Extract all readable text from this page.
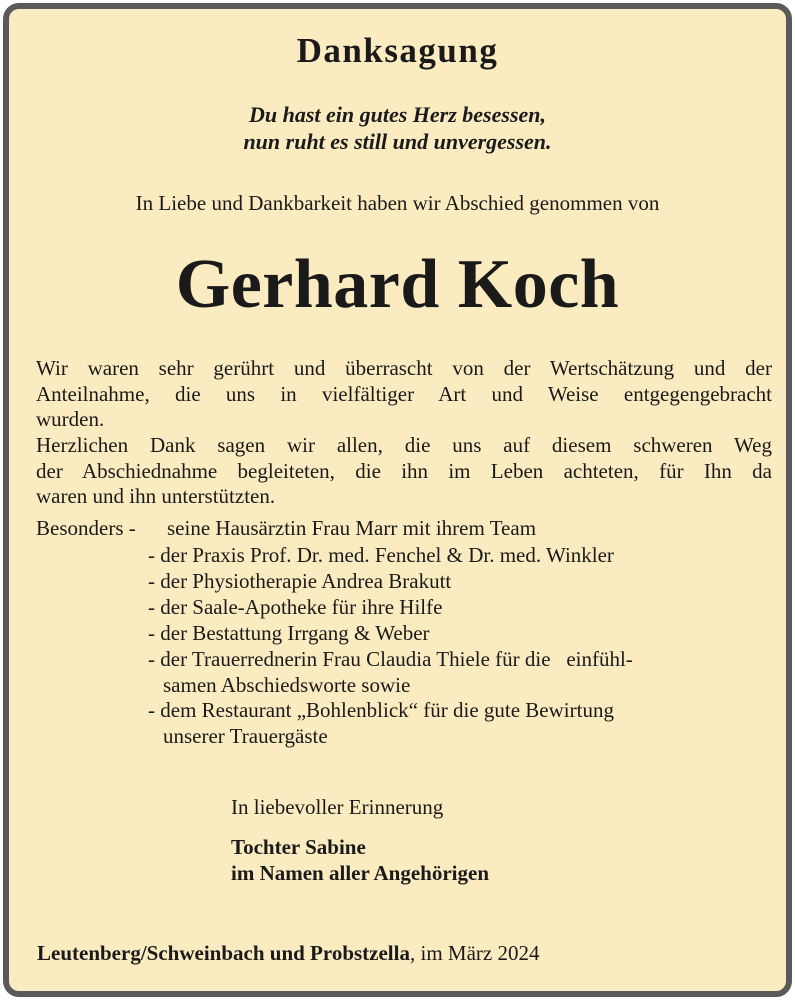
Danksagung
Du hast ein gutes Herz besessen,
nun ruht es still und unvergessen.
In Liebe und Dankbarkeit haben wir Abschied genommen von
Gerhard Koch
Wir waren sehr gerührt und überrascht von der Wertschätzung und der
Anteilnahme, die uns in vielfältiger Art und Weise entgegengebracht
wurden.
Herzlichen Dank sagen wir allen, die uns auf diesem schweren Weg
der Abschiednahme begleiteten, die ihn im Leben achteten, für Ihn da
waren und ihn unterstützten.
Besonders - seine Hausärztin Frau Marr mit ihrem Team
- der Praxis Prof. Dr. med. Fenchel & Dr. med. Winkler
- der Physiotherapie Andrea Brakutt
- der Saale-Apotheke für ihre Hilfe
- der Bestattung Irrgang & Weber
- der Trauerrednerin Frau Claudia Thiele für die   einfühl-
samen Abschiedsworte sowie
- dem Restaurant „Bohlenblick“ für die gute Bewirtung
unserer Trauergäste
In liebevoller Erinnerung
Tochter Sabine
im Namen aller Angehörigen
Leutenberg/Schweinbach und Probstzella, im März 2024
